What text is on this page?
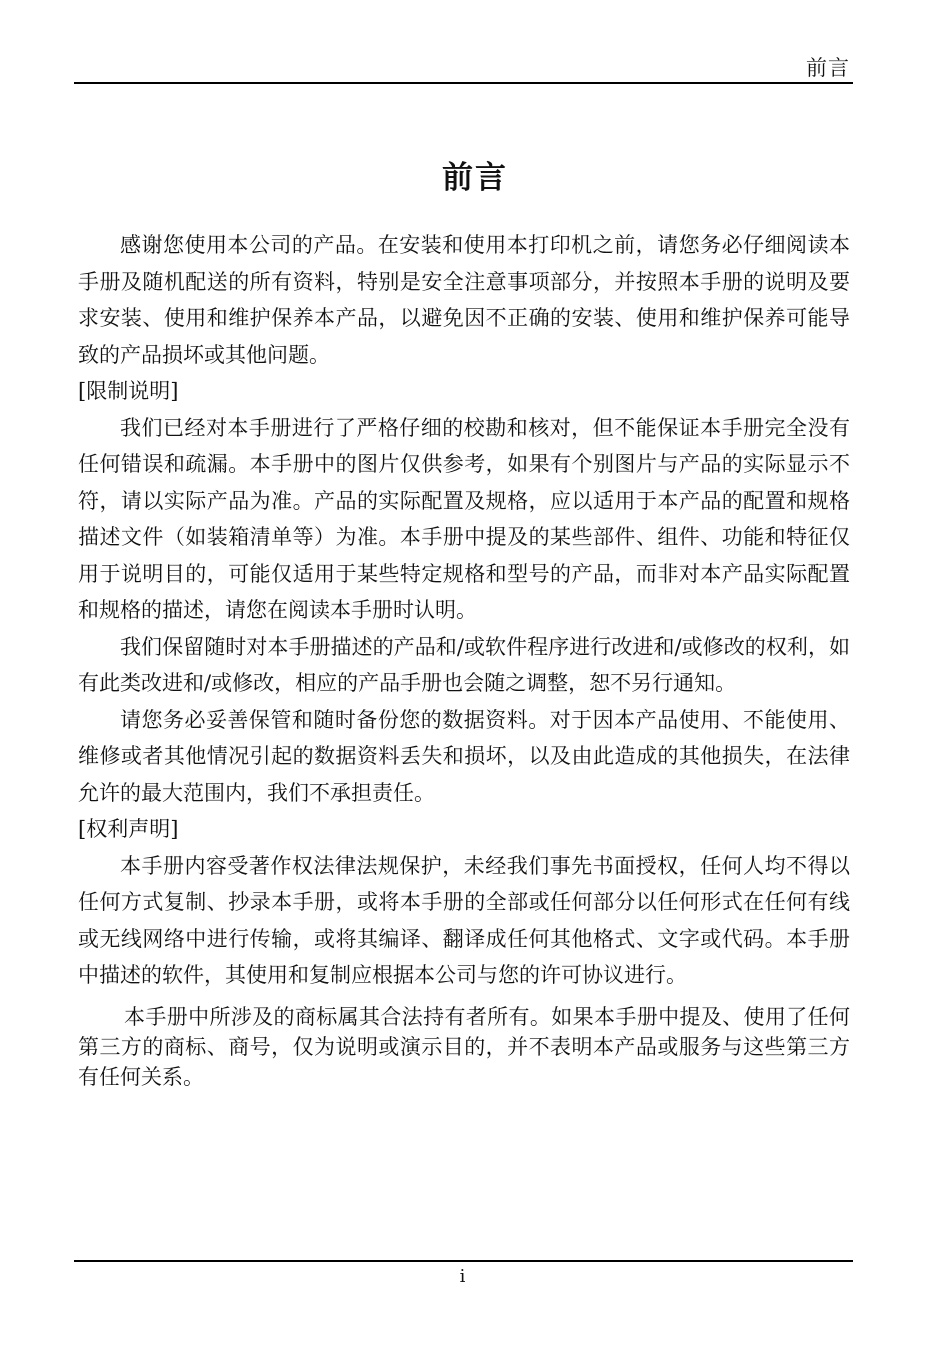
前言
前言

感谢您使用本公司的产品。在安装和使用本打印机之前，请您务必仔细阅读本手册及随机配送的所有资料，特别是安全注意事项部分，并按照本手册的说明及要求安装、使用和维护保养本产品，以避免因不正确的安装、使用和维护保养可能导致的产品损坏或其他问题。

[限制说明]

我们已经对本手册进行了严格仔细的校勘和核对，但不能保证本手册完全没有任何错误和疏漏。本手册中的图片仅供参考，如果有个别图片与产品的实际显示不符，请以实际产品为准。产品的实际配置及规格，应以适用于本产品的配置和规格描述文件（如装箱清单等）为准。本手册中提及的某些部件、组件、功能和特征仅用于说明目的，可能仅适用于某些特定规格和型号的产品，而非对本产品实际配置和规格的描述，请您在阅读本手册时认明。

我们保留随时对本手册描述的产品和/或软件程序进行改进和/或修改的权利，如有此类改进和/或修改，相应的产品手册也会随之调整，恕不另行通知。

请您务必妥善保管和随时备份您的数据资料。对于因本产品使用、不能使用、维修或者其他情况引起的数据资料丢失和损坏，以及由此造成的其他损失，在法律允许的最大范围内，我们不承担责任。

[权利声明]

本手册内容受著作权法律法规保护，未经我们事先书面授权，任何人均不得以任何方式复制、抄录本手册，或将本手册的全部或任何部分以任何形式在任何有线或无线网络中进行传输，或将其编译、翻译成任何其他格式、文字或代码。本手册中描述的软件，其使用和复制应根据本公司与您的许可协议进行。

本手册中所涉及的商标属其合法持有者所有。如果本手册中提及、使用了任何第三方的商标、商号，仅为说明或演示目的，并不表明本产品或服务与这些第三方有任何关系。

i
